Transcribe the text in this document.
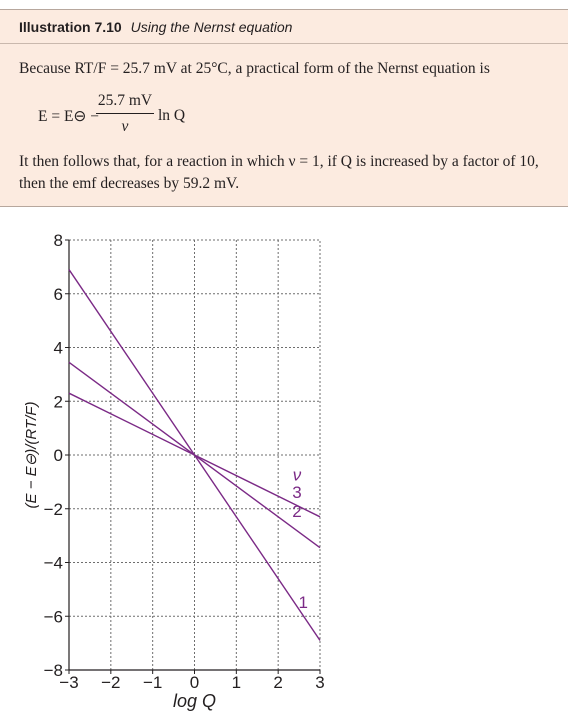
Illustration 7.10 Using the Nernst equation
Because RT/F = 25.7 mV at 25°C, a practical form of the Nernst equation is
E = E⊖ −
25.7 mV
ν
ln Q
It then follows that, for a reaction in which ν = 1, if Q is increased by a factor of 10,
then the emf decreases by 59.2 mV.
−8
−6
−4
−2
0
2
4
6
8
−3 −2 −1 0 1 2 3
log Q
(E − E⊖)/(RT/F)	ν
1
2
3
